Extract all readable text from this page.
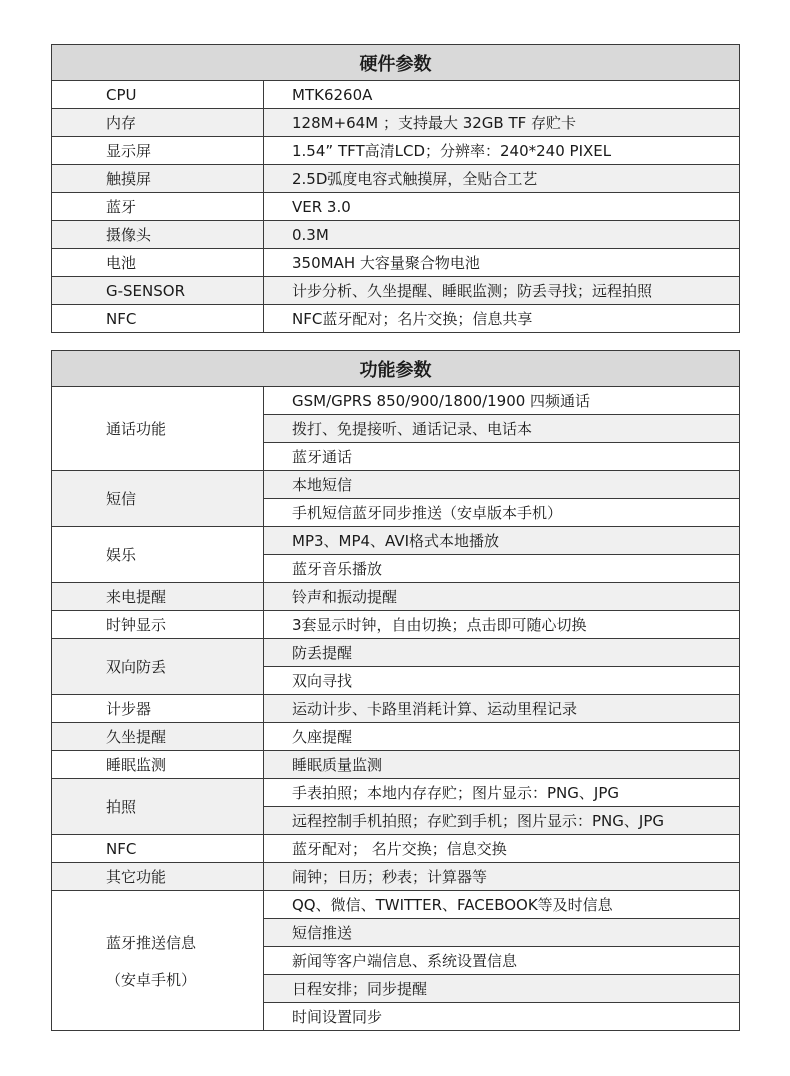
硬件参数	
CPU	MTK6260A
内存	128M+64M ；支持最大 32GB TF 存贮卡
显示屏	1.54” TFT高清LCD；分辨率：240*240 PIXEL
触摸屏	2.5D弧度电容式触摸屏，全贴合工艺
蓝牙	VER 3.0
摄像头	0.3M
电池	350MAH 大容量聚合物电池
G-SENSOR	计步分析、久坐提醒、睡眠监测；防丢寻找；远程拍照
NFC	NFC蓝牙配对；名片交换；信息共享
功能参数	
通话功能	GSM/GPRS 850/900/1800/1900 四频通话
	拨打、免提接听、通话记录、电话本
	蓝牙通话
短信	本地短信
	手机短信蓝牙同步推送（安卓版本手机）
娱乐	MP3、MP4、AVI格式本地播放
	蓝牙音乐播放
来电提醒	铃声和振动提醒
时钟显示	3套显示时钟，自由切换；点击即可随心切换
双向防丢	防丢提醒
	双向寻找
计步器	运动计步、卡路里消耗计算、运动里程记录
久坐提醒	久座提醒
睡眠监测	睡眠质量监测
拍照	手表拍照；本地内存存贮；图片显示：PNG、JPG
	远程控制手机拍照；存贮到手机；图片显示：PNG、JPG
NFC	蓝牙配对； 名片交换；信息交换
其它功能	闹钟；日历；秒表；计算器等
蓝牙推送信息
（安卓手机）	QQ、微信、TWITTER、FACEBOOK等及时信息
	短信推送
	新闻等客户端信息、系统设置信息
	日程安排；同步提醒
	时间设置同步
